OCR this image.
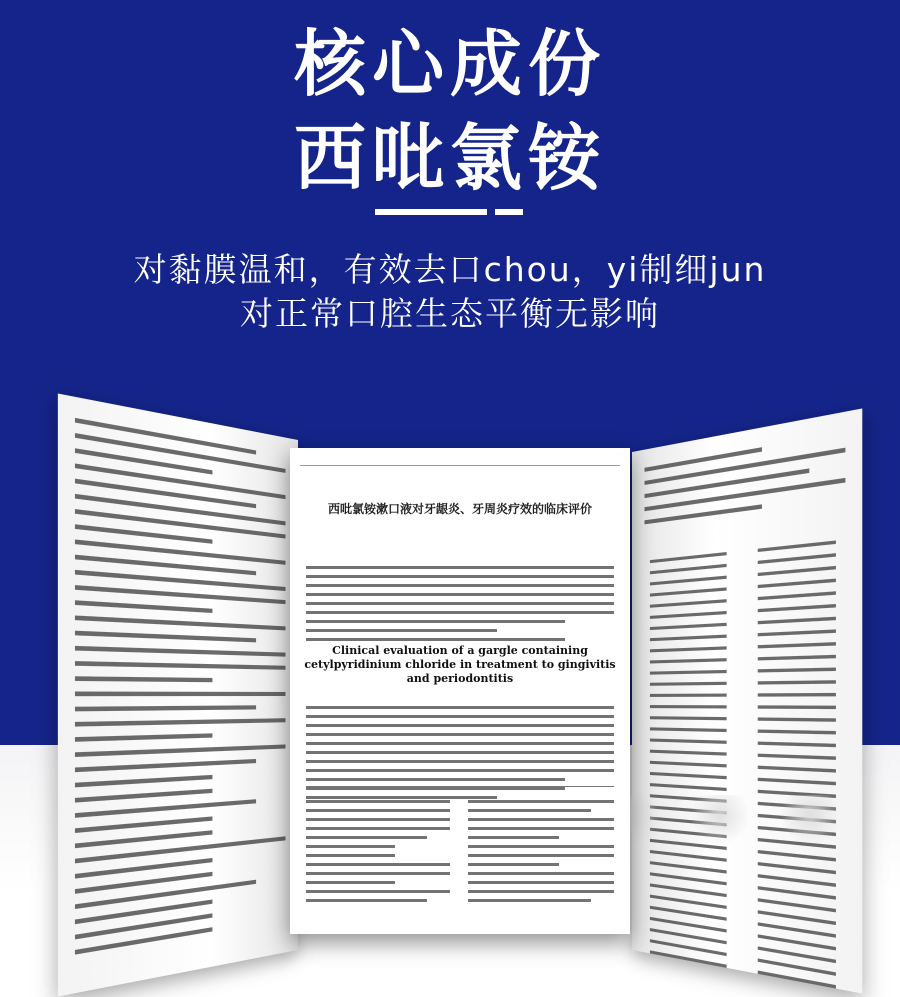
核心成份
西吡氯铵

对黏膜温和，有效去口chou，yi制细jun

对正常口腔生态平衡无影响

西吡氯铵漱口液对牙龈炎、牙周炎疗效的临床评价

Clinical evaluation of a gargle containing cetylpyridinium chloride in treatment to gingivitis and periodontitis
